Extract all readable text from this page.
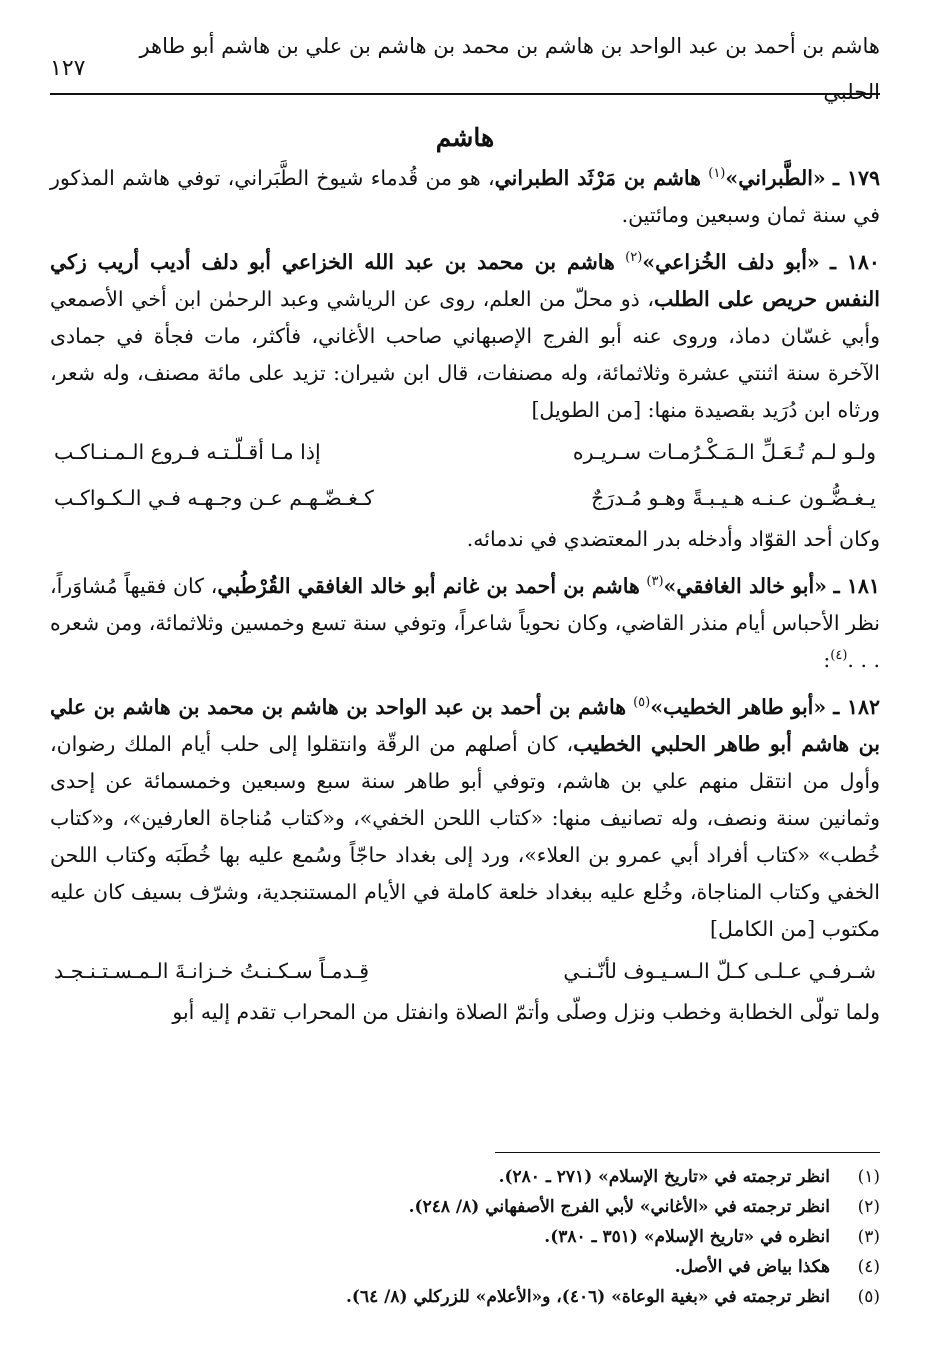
هاشم بن أحمد بن عبد الواحد بن هاشم بن محمد بن هاشم بن علي بن هاشم أبو طاهر الحلبي
١٢٧
هاشم

١٧٩ ـ «الطَّبراني»$^{(١)}$ هاشم بن مَرْثَد الطبراني، هو من قُدماء شيوخ الطَّبَراني، توفي هاشم المذكور في سنة ثمان وسبعين ومائتين.

١٨٠ ـ «أبو دلف الخُزاعي»$^{(٢)}$ هاشم بن محمد بن عبد الله الخزاعي أبو دلف أديب أريب زكي النفس حريص على الطلب، ذو محلّ من العلم، روى عن الرياشي وعبد الرحمٰن ابن أخي الأصمعي وأبي غسّان دماذ، وروى عنه أبو الفرج الإصبهاني صاحب الأغاني، فأكثر، مات فجأة في جمادى الآخرة سنة اثنتي عشرة وثلاثمائة، وله مصنفات، قال ابن شيران: تزيد على مائة مصنف، وله شعر، ورثاه ابن دُرَيد بقصيدة منها: [من الطويل]

ولـو لـم تُـعَـلِّ الـمَـكْـرُمـات سـريـره
إذا مـا أقـلّـتـه فـروع الـمـنـاكـب
يـغـضُّـون عـنـه هـيـبـةً وهـو مُـدرَجٌ
كـغـضّـهـم عـن وجـهـه فـي الـكـواكـب

وكان أحد القوّاد وأدخله بدر المعتضدي في ندمائه.

١٨١ ـ «أبو خالد الغافقي»$^{(٣)}$ هاشم بن أحمد بن غانم أبو خالد الغافقي القُرْطُبي، كان فقيهاً مُشاوَراً، نظر الأحباس أيام منذر القاضي، وكان نحوياً شاعراً، وتوفي سنة تسع وخمسين وثلاثمائة، ومن شعره . . .$^{(٤)}$:

١٨٢ ـ «أبو طاهر الخطيب»$^{(٥)}$ هاشم بن أحمد بن عبد الواحد بن هاشم بن محمد بن هاشم بن علي بن هاشم أبو طاهر الحلبي الخطيب، كان أصلهم من الرقّة وانتقلوا إلى حلب أيام الملك رضوان، وأول من انتقل منهم علي بن هاشم، وتوفي أبو طاهر سنة سبع وسبعين وخمسمائة عن إحدى وثمانين سنة ونصف، وله تصانيف منها: «كتاب اللحن الخفي»، و«كتاب مُناجاة العارفين»، و«كتاب خُطب» «كتاب أفراد أبي عمرو بن العلاء»، ورد إلى بغداد حاجّاً وسُمع عليه بها خُطَبَه وكتاب اللحن الخفي وكتاب المناجاة، وخُلع عليه ببغداد خلعة كاملة في الأيام المستنجدية، وشرّف بسيف كان عليه مكتوب [من الكامل]

شـرفـي عـلـى كـلّ الـسـيـوف لأنّـنـي
قِـدمـاً سـكـنـتُ خـزانـةَ الـمـسـتـنـجـد

ولما تولّى الخطابة وخطب ونزل وصلّى وأتمّ الصلاة وانفتل من المحراب تقدم إليه أبو

(١)
انظر ترجمته في «تاريخ الإسلام» (٢٧١ ـ ٢٨٠).
(٢)
انظر ترجمته في «الأغاني» لأبي الفرج الأصفهاني (٨/ ٢٤٨).
(٣)
انظره في «تاريخ الإسلام» (٣٥١ ـ ٣٨٠).
(٤)
هكذا بياض في الأصل.
(٥)
انظر ترجمته في «بغية الوعاة» (٤٠٦)، و«الأعلام» للزركلي (٨/ ٦٤).
